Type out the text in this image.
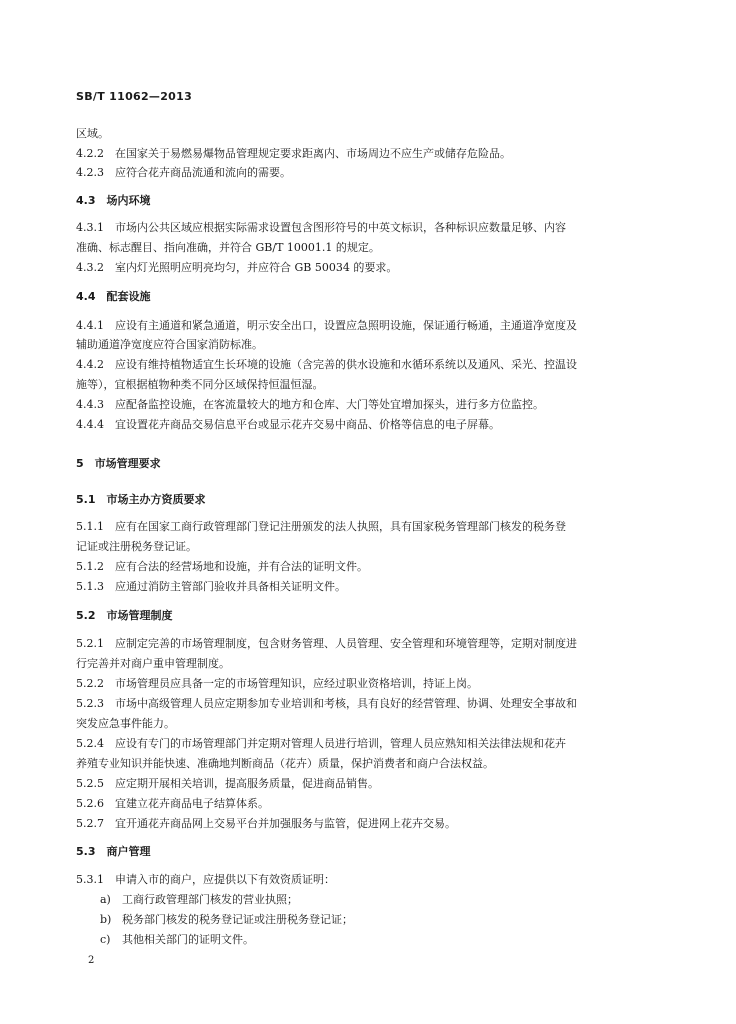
SB/T 11062—2013
区域。
4.2.2　在国家关于易燃易爆物品管理规定要求距离内、市场周边不应生产或储存危险品。
4.2.3　应符合花卉商品流通和流向的需要。
4.3　场内环境
4.3.1　市场内公共区域应根据实际需求设置包含图形符号的中英文标识，各种标识应数量足够、内容
准确、标志醒目、指向准确，并符合 GB/T 10001.1 的规定。
4.3.2　室内灯光照明应明亮均匀，并应符合 GB 50034 的要求。
4.4　配套设施
4.4.1　应设有主通道和紧急通道，明示安全出口，设置应急照明设施，保证通行畅通，主通道净宽度及
辅助通道净宽度应符合国家消防标准。
4.4.2　应设有维持植物适宜生长环境的设施（含完善的供水设施和水循环系统以及通风、采光、控温设
施等），宜根据植物种类不同分区域保持恒温恒湿。
4.4.3　应配备监控设施，在客流量较大的地方和仓库、大门等处宜增加探头，进行多方位监控。
4.4.4　宜设置花卉商品交易信息平台或显示花卉交易中商品、价格等信息的电子屏幕。
5　市场管理要求
5.1　市场主办方资质要求
5.1.1　应有在国家工商行政管理部门登记注册颁发的法人执照，具有国家税务管理部门核发的税务登
记证或注册税务登记证。
5.1.2　应有合法的经营场地和设施，并有合法的证明文件。
5.1.3　应通过消防主管部门验收并具备相关证明文件。
5.2　市场管理制度
5.2.1　应制定完善的市场管理制度，包含财务管理、人员管理、安全管理和环境管理等，定期对制度进
行完善并对商户重申管理制度。
5.2.2　市场管理员应具备一定的市场管理知识，应经过职业资格培训，持证上岗。
5.2.3　市场中高级管理人员应定期参加专业培训和考核，具有良好的经营管理、协调、处理安全事故和
突发应急事件能力。
5.2.4　应设有专门的市场管理部门并定期对管理人员进行培训，管理人员应熟知相关法律法规和花卉
养殖专业知识并能快速、准确地判断商品（花卉）质量，保护消费者和商户合法权益。
5.2.5　应定期开展相关培训，提高服务质量，促进商品销售。
5.2.6　宜建立花卉商品电子结算体系。
5.2.7　宜开通花卉商品网上交易平台并加强服务与监管，促进网上花卉交易。
5.3　商户管理
5.3.1　申请入市的商户，应提供以下有效资质证明：
a) 工商行政管理部门核发的营业执照；
b) 税务部门核发的税务登记证或注册税务登记证；
c) 其他相关部门的证明文件。
2
